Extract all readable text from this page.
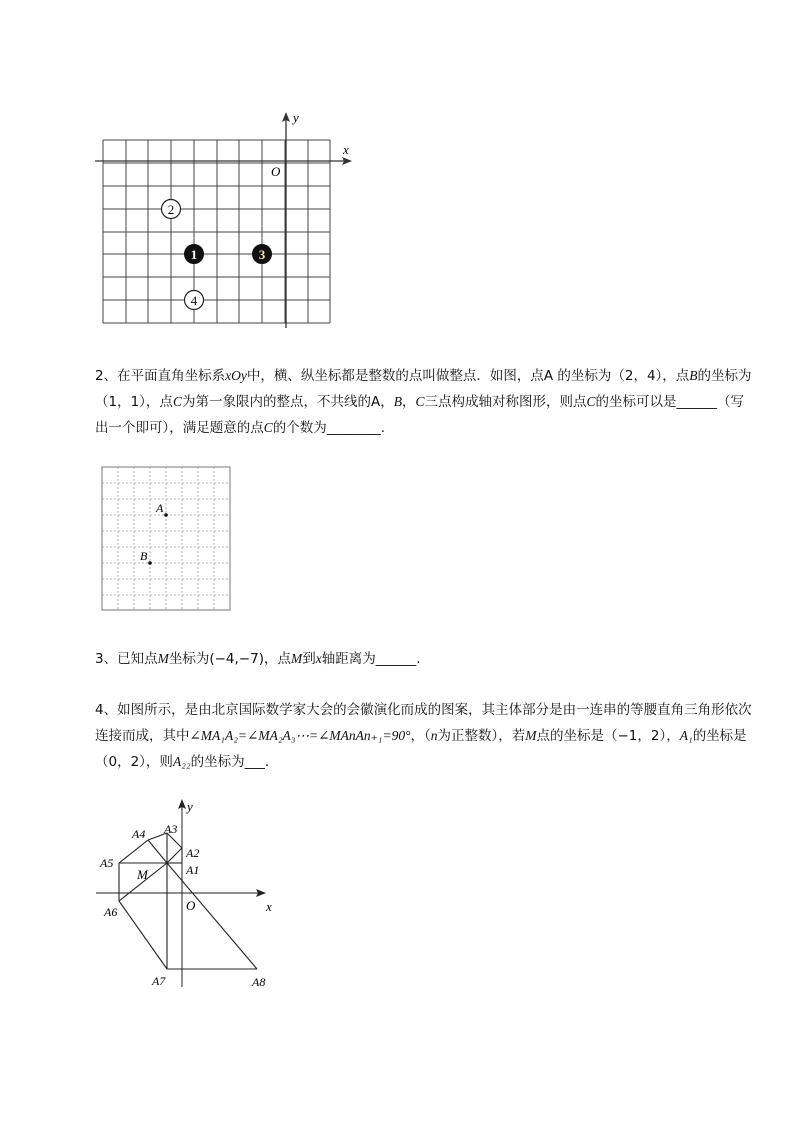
x
y
O
1
2
3
4

2、在平面直角坐标系xOy中，横、纵坐标都是整数的点叫做整点．如图，点A 的坐标为（2，4），点B的坐标为（1，1），点C为第一象限内的整点，不共线的A，B，C三点构成轴对称图形，则点C的坐标可以是______（写出一个即可），满足题意的点C的个数为________.

A
B

3、已知点M坐标为(−4,−7)，点M到x轴距离为______.

4、如图所示，是由北京国际数学家大会的会徽演化而成的图案，其主体部分是由一连串的等腰直角三角形依次连接而成，其中∠MA₁A₂=∠MA₂A₃⋯=∠MAnAn₊₁=90°，（n为正整数），若M点的坐标是（−1，2），A₁的坐标是（0，2），则A₂₂的坐标为___.

x
y
O
M	A1
A2
A3
A4
A5
A6
A7	A8
